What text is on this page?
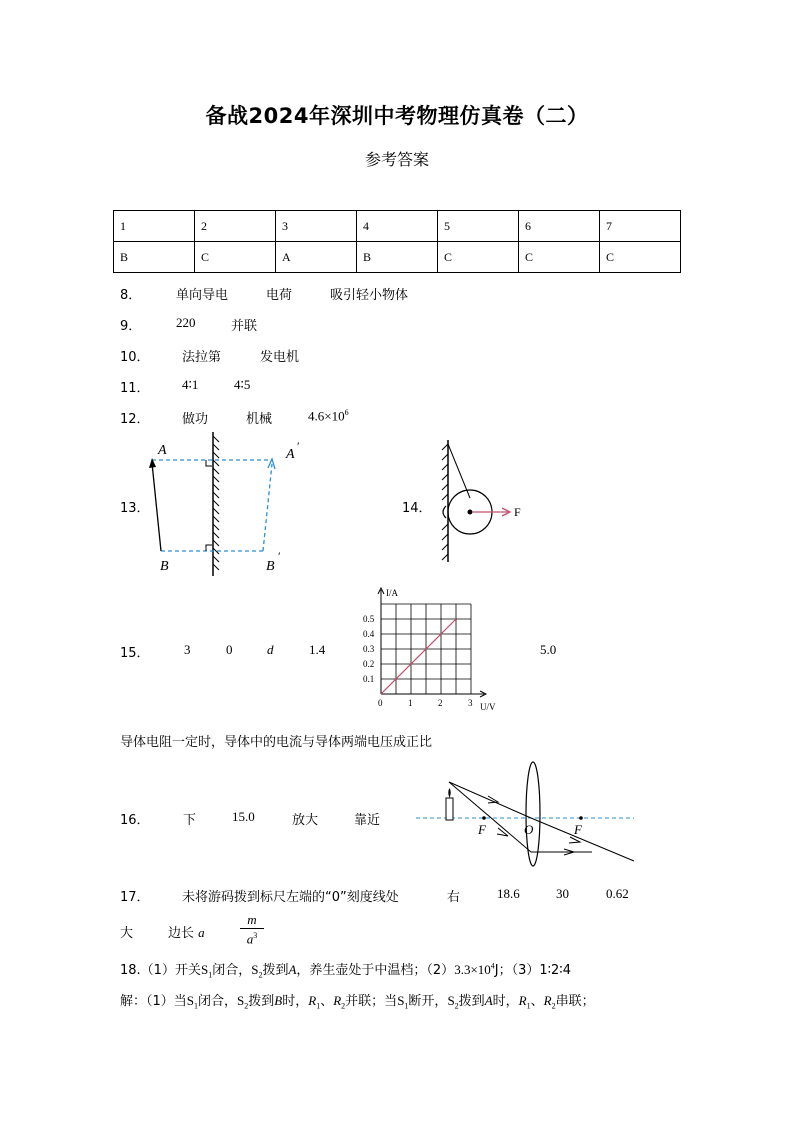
备战2024年深圳中考物理仿真卷（二）
参考答案
1	2	3	4	5	6	7
B	C	A	B	C	C	C
8．	单向导电	电荷	吸引轻小物体
9．	220	并联
10． 法拉第	发电机
11． 4∶1	4∶5
12． 做功	机械	$4.6\times 10^6$
13．
A	A
′
B	B
′
14．	F
15．	3	0	d	1.4	5.0
I/A
U/V
0.1
0.2
0.3
0.4
0.5
0	1	2	3
导体电阻一定时，导体中的电流与导体两端电压成正比
16．	下	15.0	放大	靠近
F	O	F
17． 未将游码拨到标尺左端的“0”刻度线处	右	18.6	30	0.62
大	边长 a	$\frac{m}{a^3}$
18.（1）开关$S_1$闭合，$S_2$拨到A，养生壶处于中温档；$(2)3.3\times 10^4J$；（3）1∶2∶4
解：（1）当$S_1$闭合，$S_2$拨到B时，$R_1$、$R_2$并联；当$S_1$断开，$S_2$拨到A时，$R_1$、$R_2$串联；
